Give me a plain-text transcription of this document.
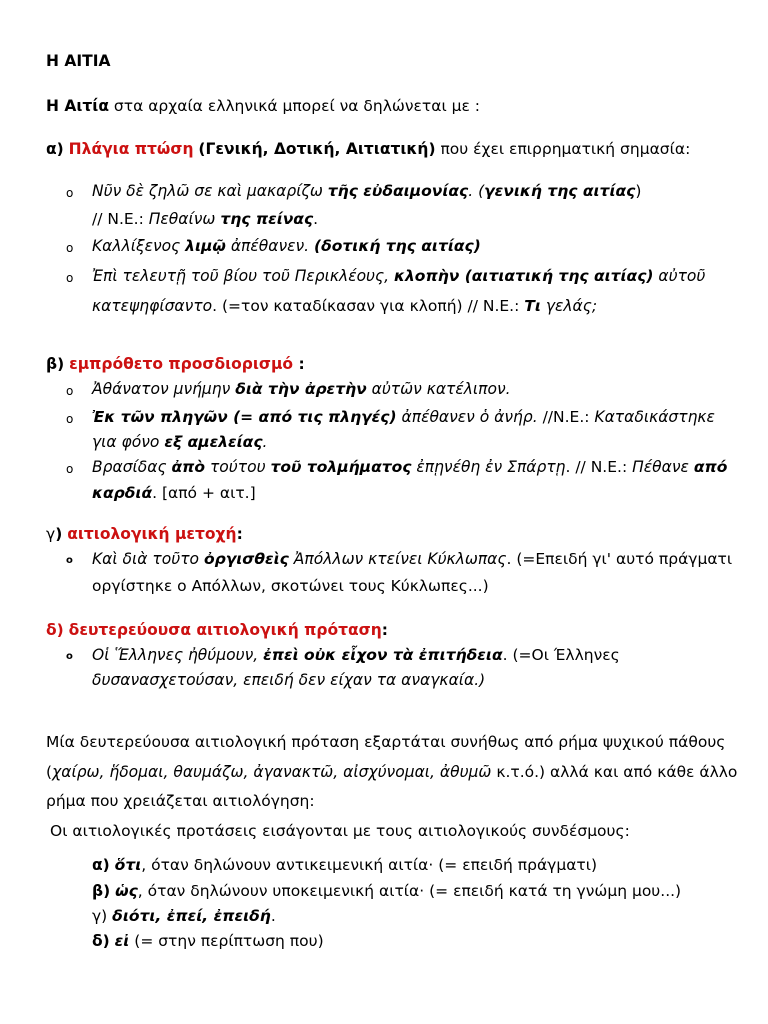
Η ΑΙΤΙΑ
Η Αιτία στα αρχαία ελληνικά μπορεί να δηλώνεται με :
α) Πλάγια πτώση (Γενική, Δοτική, Αιτιατική) που έχει επιρρηματική σημασία:
o Νῦν δὲ ζηλῶ σε καὶ μακαρίζω τῆς εὐδαιμονίας. (γενική της αιτίας)
// Ν.Ε.: Πεθαίνω της πείνας.
o Καλλίξενος λιμῷ ἀπέθανεν. (δοτική της αιτίας)
o Ἐπὶ τελευτῇ τοῦ βίου τοῦ Περικλέους, κλοπὴν (αιτιατική της αιτίας) αὐτοῦ
κατεψηφίσαντο. (=τον καταδίκασαν για κλοπή) // Ν.Ε.: Τι γελάς;
β) εμπρόθετο προσδιορισμό :
o Ἀθάνατον μνήμην διὰ τὴν ἀρετὴν αὐτῶν κατέλιπον.
o Ἐκ τῶν πληγῶν (= από τις πληγές) ἀπέθανεν ὁ ἀνήρ. //Ν.Ε.: Καταδικάστηκε
για φόνο εξ αμελείας.
o Βρασίδας ἀπὸ τούτου τοῦ τολμήματος ἐπῃνέθη ἐν Σπάρτῃ. // Ν.Ε.: Πέθανε από
καρδιά. [από + αιτ.]
γ) αιτιολογική μετοχή:
o Καὶ διὰ τοῦτο ὀργισθεὶς Ἀπόλλων κτείνει Κύκλωπας. (=Επειδή γι' αυτό πράγματι
οργίστηκε ο Απόλλων, σκοτώνει τους Κύκλωπες...)
δ) δευτερεύουσα αιτιολογική πρόταση:
o Οἱ Ἕλληνες ἠθύμουν, ἐπεὶ οὐκ εἶχον τὰ ἐπιτήδεια. (=Οι Έλληνες
δυσανασχετούσαν, επειδή δεν είχαν τα αναγκαία.)
Μία δευτερεύουσα αιτιολογική πρόταση εξαρτάται συνήθως από ρήμα ψυχικού πάθους
(χαίρω, ἥδομαι, θαυμάζω, ἀγανακτῶ, αἰσχύνομαι, ἀθυμῶ κ.τ.ό.) αλλά και από κάθε άλλο
ρήμα που χρειάζεται αιτιολόγηση:
Οι αιτιολογικές προτάσεις εισάγονται με τους αιτιολογικούς συνδέσμους:
α) ὅτι, όταν δηλώνουν αντικειμενική αιτία· (= επειδή πράγματι)
β) ὡς, όταν δηλώνουν υποκειμενική αιτία· (= επειδή κατά τη γνώμη μου...)
γ) διότι, ἐπεί, ἐπειδή.
δ) εἰ (= στην περίπτωση που)
